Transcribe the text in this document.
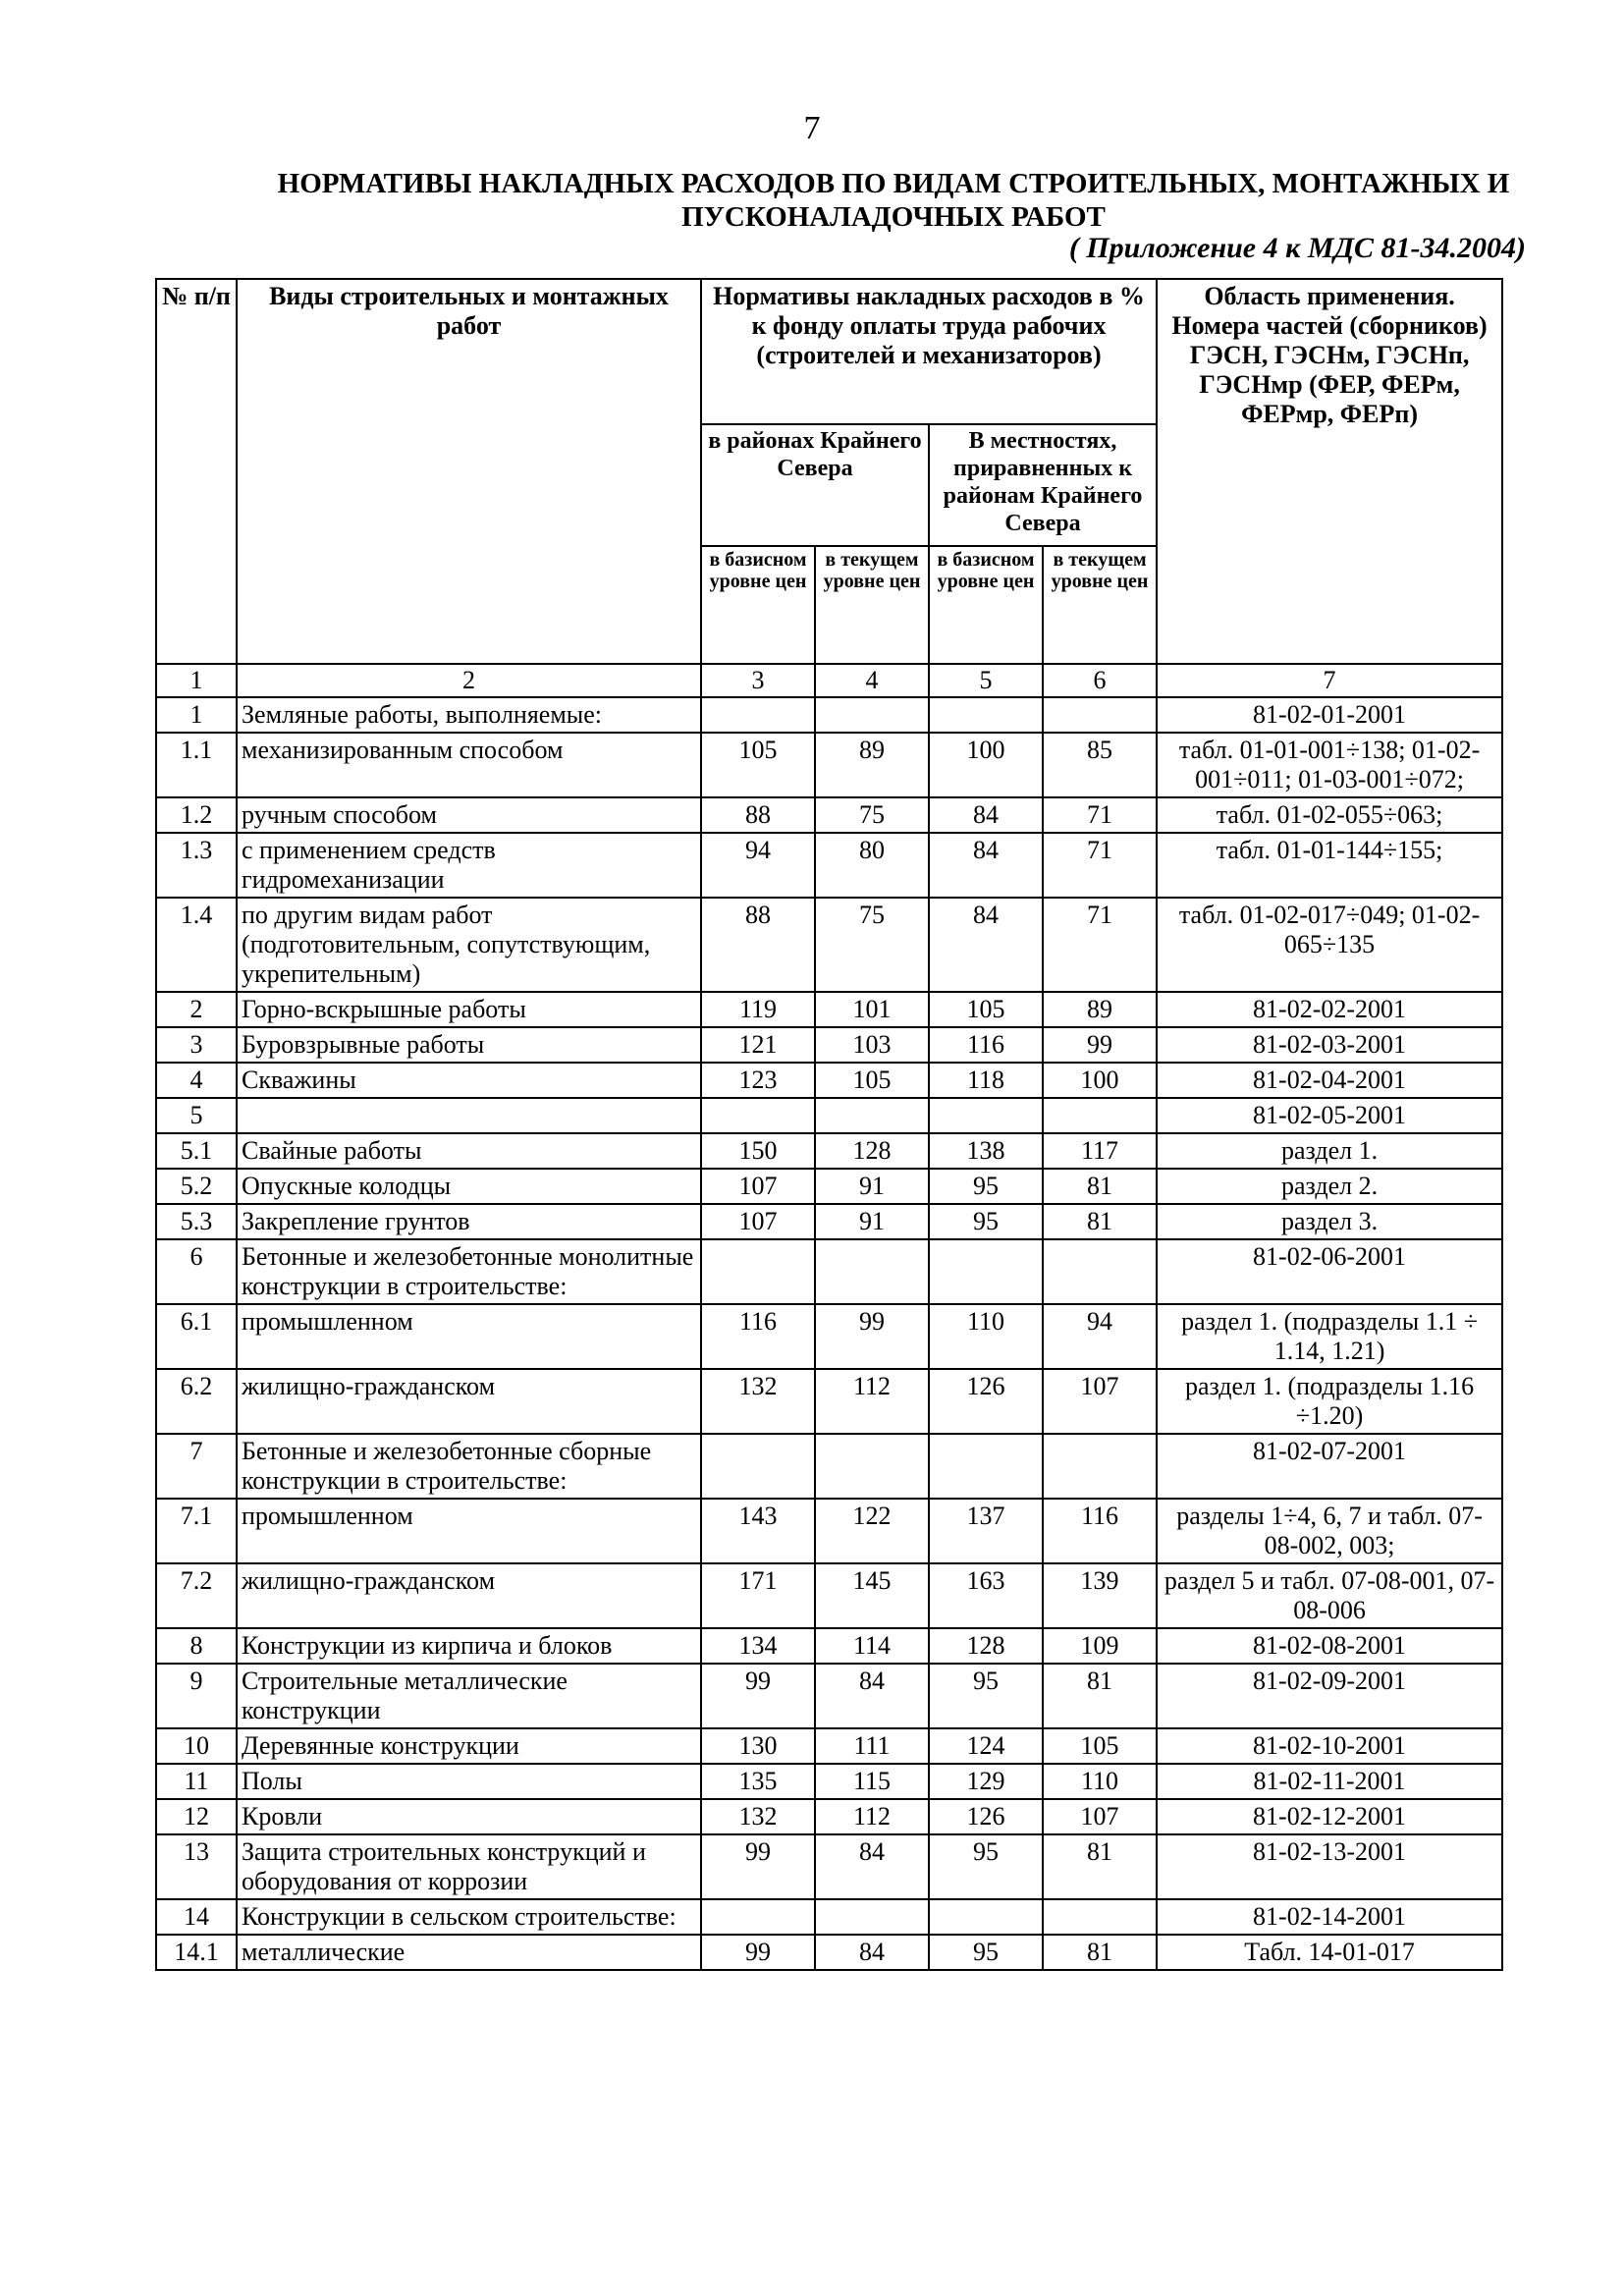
7
НОРМАТИВЫ НАКЛАДНЫХ РАСХОДОВ ПО ВИДАМ СТРОИТЕЛЬНЫХ, МОНТАЖНЫХ И ПУСКОНАЛАДОЧНЫХ РАБОТ
( Приложение 4 к МДС 81-34.2004)
№ п/п	Виды строительных и монтажных работ	Нормативы накладных расходов в % к фонду оплаты труда рабочих (строителей и механизаторов)				Область применения. Номера частей (сборников) ГЭСН, ГЭСНм, ГЭСНп, ГЭСНмр (ФЕР, ФЕРм, ФЕРмр, ФЕРп)
		в районах Крайнего Севера		В местностях, приравненных к районам Крайнего Севера		
		в базисном уровне цен	в текущем уровне цен	в базисном уровне цен	в текущем уровне цен	
1	2	3	4	5	6	7
1	Земляные работы, выполняемые:					81-02-01-2001
1.1	механизированным способом	105	89	100	85	табл. 01-01-001÷138; 01-02-001÷011; 01-03-001÷072;
1.2	ручным способом	88	75	84	71	табл. 01-02-055÷063;
1.3	с применением средств гидромеханизации	94	80	84	71	табл. 01-01-144÷155;
1.4	по другим видам работ (подготовительным, сопутствующим, укрепительным)	88	75	84	71	табл. 01-02-017÷049; 01-02-065÷135
2	Горно-вскрышные работы	119	101	105	89	81-02-02-2001
3	Буровзрывные работы	121	103	116	99	81-02-03-2001
4	Скважины	123	105	118	100	81-02-04-2001
5						81-02-05-2001
5.1	Свайные работы	150	128	138	117	раздел 1.
5.2	Опускные колодцы	107	91	95	81	раздел 2.
5.3	Закрепление грунтов	107	91	95	81	раздел 3.
6	Бетонные и железобетонные монолитные конструкции в строительстве:					81-02-06-2001
6.1	промышленном	116	99	110	94	раздел 1. (подразделы 1.1 ÷ 1.14, 1.21)
6.2	жилищно-гражданском	132	112	126	107	раздел 1. (подразделы 1.16 ÷1.20)
7	Бетонные и железобетонные сборные конструкции в строительстве:					81-02-07-2001
7.1	промышленном	143	122	137	116	разделы 1÷4, 6, 7 и табл. 07-08-002, 003;
7.2	жилищно-гражданском	171	145	163	139	раздел 5 и табл. 07-08-001, 07-08-006
8	Конструкции из кирпича и блоков	134	114	128	109	81-02-08-2001
9	Строительные металлические конструкции	99	84	95	81	81-02-09-2001
10	Деревянные конструкции	130	111	124	105	81-02-10-2001
11	Полы	135	115	129	110	81-02-11-2001
12	Кровли	132	112	126	107	81-02-12-2001
13	Защита строительных конструкций и оборудования от коррозии	99	84	95	81	81-02-13-2001
14	Конструкции в сельском строительстве:					81-02-14-2001
14.1	металлические	99	84	95	81	Табл. 14-01-017
